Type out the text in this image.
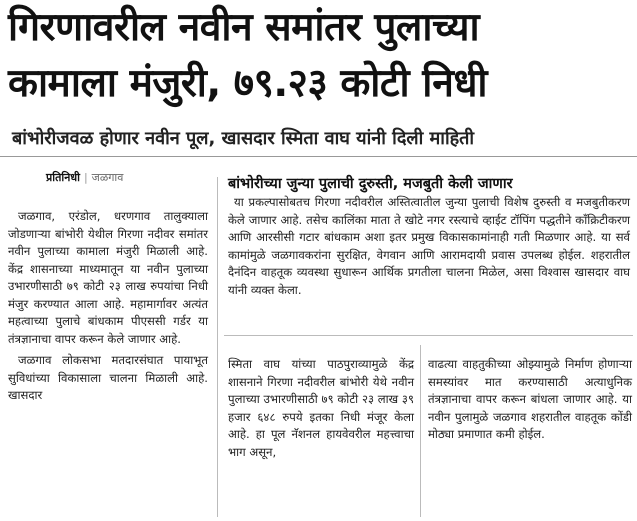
गिरणावरील नवीन समांतर पुलाच्या
कामाला मंजुरी, ७९.२३ कोटी निधी
बांभोरीजवळ होणार नवीन पूल, खासदार स्मिता वाघ यांनी दिली माहिती
प्रतिनिधी | जळगाव

जळगाव, एरंडोल, धरणगाव तालुक्याला जोडणाऱ्या बांभोरी येथील गिरणा नदीवर समांतर नवीन पुलाच्या कामाला मंजुरी मिळाली आहे. केंद्र शासनाच्या माध्यमातून या नवीन पुलाच्या उभारणीसाठी ७९ कोटी २३ लाख रुपयांचा निधी मंजुर करण्यात आला आहे. महामार्गावर अत्यंत महत्वाच्या पुलाचे बांधकाम पीएससी गर्डर या तंत्रज्ञानाचा वापर करून केले जाणार आहे.

जळगाव लोकसभा मतदारसंघात पायाभूत सुविधांच्या विकासाला चालना मिळाली आहे. खासदार

बांभोरीच्या जुन्या पुलाची दुरुस्ती, मजबुती केली जाणार

या प्रकल्पासोबतच गिरणा नदीवरील अस्तित्वातील जुन्या पुलाची विशेष दुरुस्ती व मजबुतीकरण केले जाणार आहे. तसेच कालिंका माता ते खोटे नगर रस्त्याचे व्हाईट टॉपिंग पद्धतीने कॉंक्रिटीकरण आणि आरसीसी गटार बांधकाम अशा इतर प्रमुख विकासकामांनाही गती मिळणार आहे. या सर्व कामांमुळे जळगावकरांना सुरक्षित, वेगवान आणि आरामदायी प्रवास उपलब्ध होईल. शहरातील दैनंदिन वाहतूक व्यवस्था सुधारून आर्थिक प्रगतीला चालना मिळेल, असा विश्वास खासदार वाघ यांनी व्यक्त केला.

स्मिता वाघ यांच्या पाठपुराव्यामुळे केंद्र शासनाने गिरणा नदीवरील बांभोरी येथे नवीन पुलाच्या उभारणीसाठी ७९ कोटी २३ लाख ३९ हजार ६४८ रुपये इतका निधी मंजूर केला आहे. हा पूल नॅशनल हायवेवरील महत्त्वाचा भाग असून,

वाढत्या वाहतुकीच्या ओझ्यामुळे निर्माण होणाऱ्या समस्यांवर मात करण्यासाठी अत्याधुनिक तंत्रज्ञानाचा वापर करून बांधला जाणार आहे. या नवीन पुलामुळे जळगाव शहरातील वाहतूक कोंडी मोठ्या प्रमाणात कमी होईल.
